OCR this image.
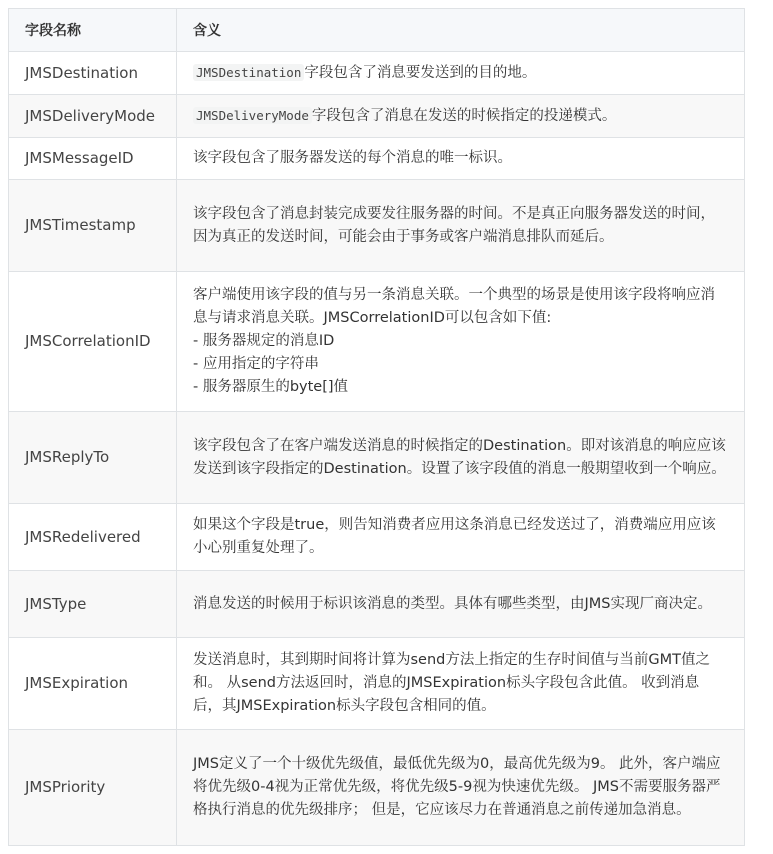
字段名称	含义
JMSDestination	JMSDestination 字段包含了消息要发送到的目的地。
JMSDeliveryMode	JMSDeliveryMode 字段包含了消息在发送的时候指定的投递模式。
JMSMessageID	该字段包含了服务器发送的每个消息的唯一标识。
JMSTimestamp	该字段包含了消息封装完成要发往服务器的时间。不是真正向服务器发送的时间，因为真正的发送时间，可能会由于事务或客户端消息排队而延后。
JMSCorrelationID	客户端使用该字段的值与另一条消息关联。一个典型的场景是使用该字段将响应消息与请求消息关联。JMSCorrelationID可以包含如下值:
- 服务器规定的消息ID
- 应用指定的字符串
- 服务器原生的byte[]值

JMSReplyTo	该字段包含了在客户端发送消息的时候指定的Destination。即对该消息的响应应该发送到该字段指定的Destination。设置了该字段值的消息一般期望收到一个响应。
JMSRedelivered	如果这个字段是true，则告知消费者应用这条消息已经发送过了，消费端应用应该小心别重复处理了。
JMSType	消息发送的时候用于标识该消息的类型。具体有哪些类型，由JMS实现厂商决定。
JMSExpiration	发送消息时，其到期时间将计算为send方法上指定的生存时间值与当前GMT值之和。 从send方法返回时，消息的JMSExpiration标头字段包含此值。 收到消息后，其JMSExpiration标头字段包含相同的值。
JMSPriority	JMS定义了一个十级优先级值，最低优先级为0，最高优先级为9。 此外，客户端应将优先级0-4视为正常优先级，将优先级5-9视为快速优先级。 JMS不需要服务器严格执行消息的优先级排序； 但是，它应该尽力在普通消息之前传递加急消息。
